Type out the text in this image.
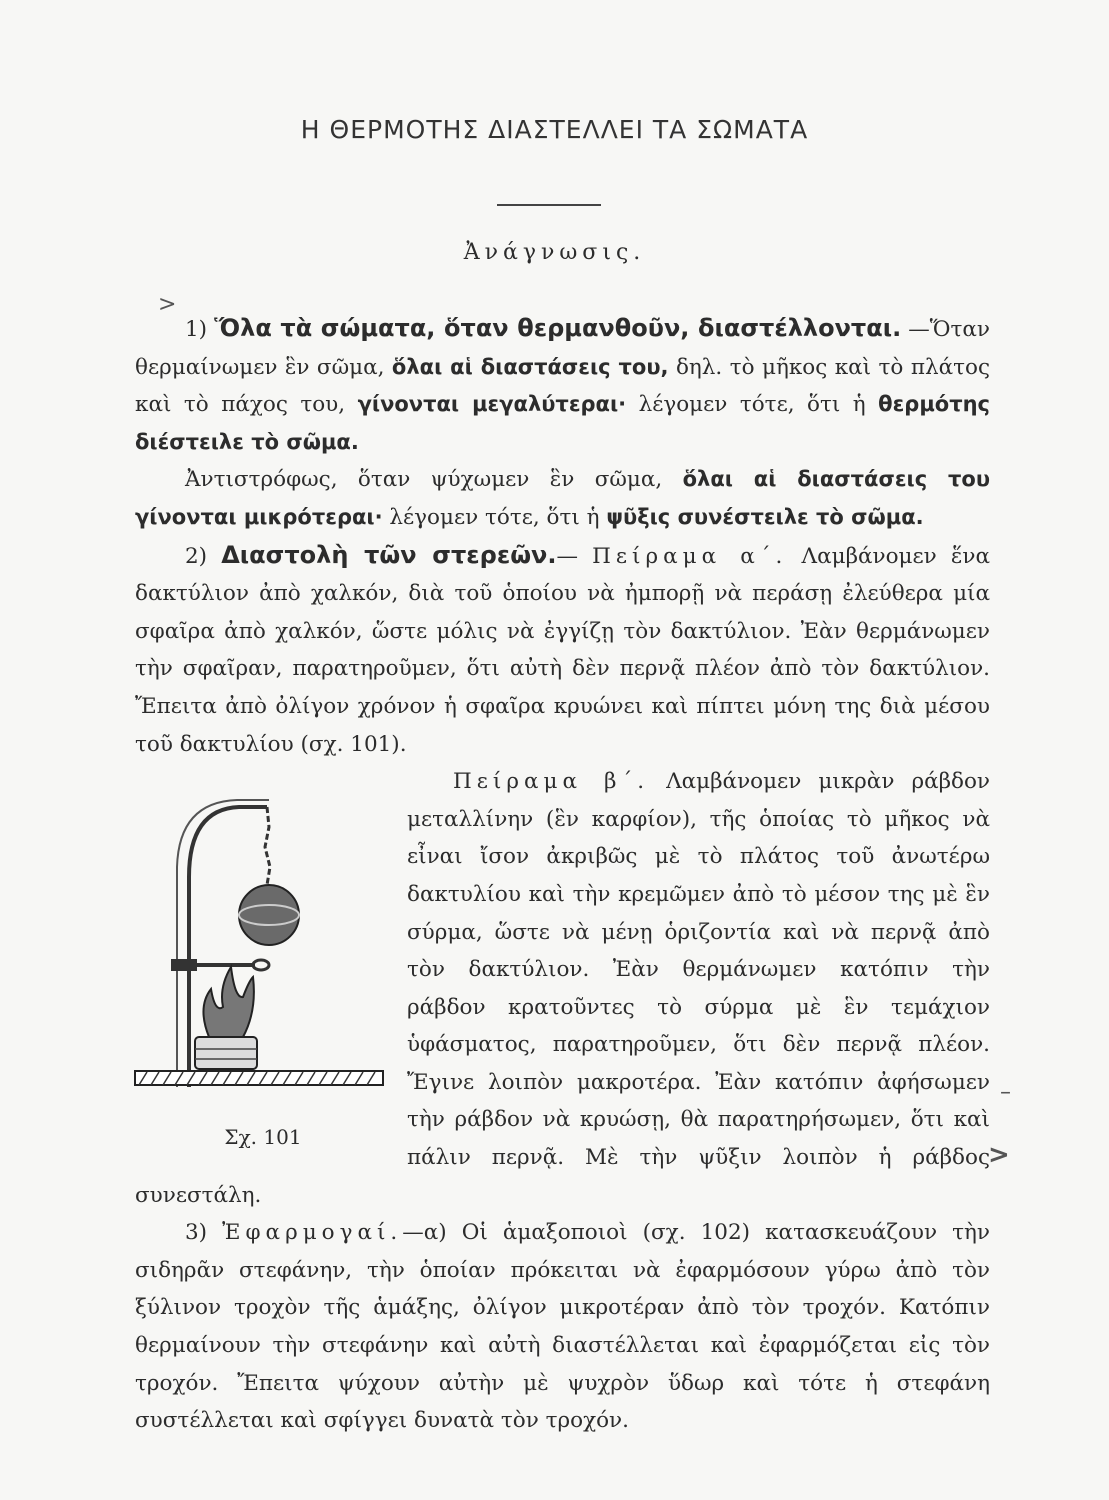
Η ΘΕΡΜΟΤΗΣ ΔΙΑΣΤΕΛΛΕΙ ΤΑ ΣΩΜΑΤΑ
Ἀνάγνωσις.
>
–
>

1) Ὅλα τὰ σώματα, ὅταν θερμανθοῦν, διαστέλλονται. —Ὅταν θερμαίνωμεν ἓν σῶμα, ὅλαι αἱ διαστάσεις του, δηλ. τὸ μῆκος καὶ τὸ πλάτος καὶ τὸ πάχος του, γίνονται μεγαλύτεραι· λέγομεν τότε, ὅτι ἡ θερμότης διέστειλε τὸ σῶμα.

Ἀντιστρόφως, ὅταν ψύχωμεν ἓν σῶμα, ὅλαι αἱ διαστάσεις του γίνονται μικρότεραι· λέγομεν τότε, ὅτι ἡ ψῦξις συνέστειλε τὸ σῶμα.

2) Διαστολὴ τῶν στερεῶν.— Πείραμα α΄. Λαμβάνομεν ἕνα δακτύλιον ἀπὸ χαλκόν, διὰ τοῦ ὁποίου νὰ ἠμπορῇ νὰ περάσῃ ἐλεύθερα μία σφαῖρα ἀπὸ χαλκόν, ὥστε μόλις νὰ ἐγγίζῃ τὸν δακτύλιον. Ἐὰν θερμάνωμεν τὴν σφαῖραν, παρατηροῦμεν, ὅτι αὐτὴ δὲν περνᾷ πλέον ἀπὸ τὸν δακτύλιον. Ἔπειτα ἀπὸ ὀλίγον χρόνον ἡ σφαῖρα κρυώνει καὶ πίπτει μόνη της διὰ μέσου τοῦ δακτυλίου (σχ. 101).

Σχ. 101

Πείραμα β΄. Λαμβάνομεν μικρὰν ράβδον μεταλλίνην (ἓν καρφίον), τῆς ὁποίας τὸ μῆκος νὰ εἶναι ἴσον ἀκριβῶς μὲ τὸ πλάτος τοῦ ἀνωτέρω δακτυλίου καὶ τὴν κρεμῶμεν ἀπὸ τὸ μέσον της μὲ ἓν σύρμα, ὥστε νὰ μένῃ ὁριζοντία καὶ νὰ περνᾷ ἀπὸ τὸν δακτύλιον. Ἐὰν θερμάνωμεν κατόπιν τὴν ράβδον κρατοῦντες τὸ σύρμα μὲ ἓν τεμάχιον ὑφάσματος, παρατηροῦμεν, ὅτι δὲν περνᾷ πλέον. Ἔγινε λοιπὸν μακροτέρα. Ἐὰν κατόπιν ἀφήσωμεν τὴν ράβδον νὰ κρυώσῃ, θὰ παρατηρήσωμεν, ὅτι καὶ πάλιν περνᾷ. Μὲ τὴν ψῦξιν λοιπὸν ἡ ράβδος συνεστάλη.

3) Ἐφαρμογαί.—α) Οἱ ἁμαξοποιοὶ (σχ. 102) κατασκευάζουν τὴν σιδηρᾶν στεφάνην, τὴν ὁποίαν πρόκειται νὰ ἐφαρμόσουν γύρω ἀπὸ τὸν ξύλινον τροχὸν τῆς ἁμάξης, ὀλίγον μικροτέραν ἀπὸ τὸν τροχόν. Κατόπιν θερμαίνουν τὴν στεφάνην καὶ αὐτὴ διαστέλλεται καὶ ἐφαρμόζεται εἰς τὸν τροχόν. Ἔπειτα ψύχουν αὐτὴν μὲ ψυχρὸν ὕδωρ καὶ τότε ἡ στεφάνη συστέλλεται καὶ σφίγγει δυνατὰ τὸν τροχόν.
